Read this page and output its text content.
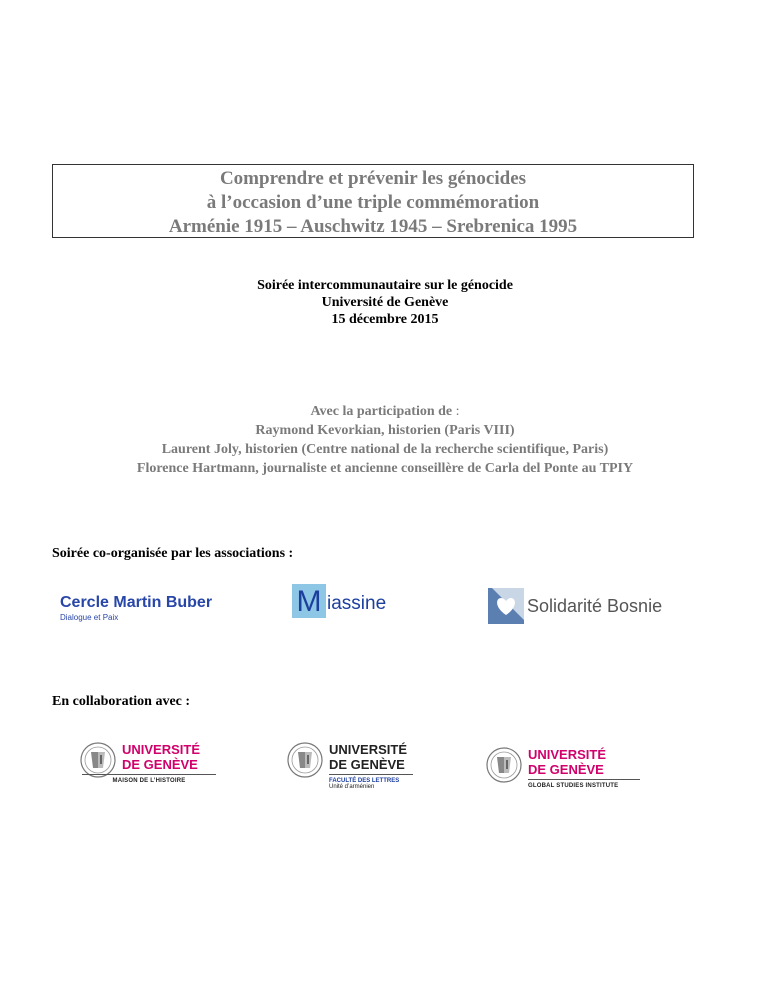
Comprendre et prévenir les génocides
à l’occasion d’une triple commémoration
Arménie 1915 – Auschwitz 1945 – Srebrenica 1995
Soirée intercommunautaire sur le génocide
Université de Genève
15 décembre 2015
Avec la participation de :
Raymond Kevorkian, historien (Paris VIII)
Laurent Joly, historien (Centre national de la recherche scientifique, Paris)
Florence Hartmann, journaliste et ancienne conseillère de Carla del Ponte au TPIY
Soirée co-organisée par les associations :
Cercle Martin Buber
Dialogue et Paix	M iassine	Solidarité Bosnie
En collaboration avec :
UNIVERSITÉ
DE GENÈVE
MAISON DE L’HISTOIRE
UNIVERSITÉ
DE GENÈVE
FACULTÉ DES LETTRES
Unité d’arménien
UNIVERSITÉ
DE GENÈVE
GLOBAL STUDIES INSTITUTE
